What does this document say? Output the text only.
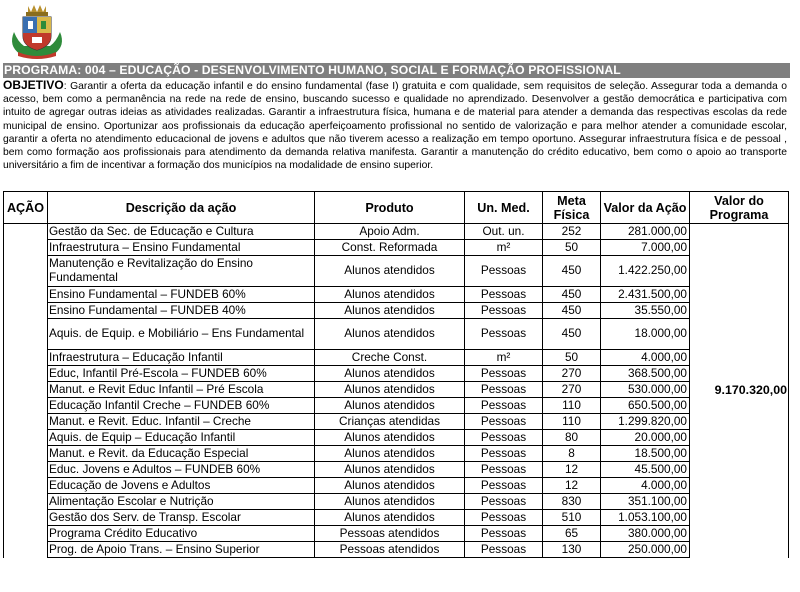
PROGRAMA: 004 – EDUCAÇÃO - DESENVOLVIMENTO HUMANO, SOCIAL E FORMAÇÃO PROFISSIONAL
OBJETIVO: Garantir a oferta da educação infantil e do ensino fundamental (fase I) gratuita e com qualidade, sem requisitos de seleção. Assegurar toda a demanda o acesso, bem como a permanência na rede na rede de ensino, buscando sucesso e qualidade no aprendizado. Desenvolver a gestão democrática e participativa com intuito de agregar outras ideias as atividades realizadas. Garantir a infraestrutura física, humana e de material para atender a demanda das respectivas escolas da rede municipal de ensino. Oportunizar aos profissionais da educação aperfeiçoamento profissional no sentido de valorização e para melhor atender a comunidade escolar, garantir a oferta no atendimento educacional de jovens e adultos que não tiverem acesso a realização em tempo oportuno. Assegurar infraestrutura física e de pessoal , bem como formação aos profissionais para atendimento da demanda relativa manifesta. Garantir a manutenção do crédito educativo, bem como o apoio ao transporte universitário a fim de incentivar a formação dos municípios na modalidade de ensino superior.
AÇÃO	Descrição da ação	Produto	Un. Med.	Meta Física	Valor da Ação	Valor do Programa
	Gestão da Sec. de Educação e Cultura	Apoio Adm.	Out. un.	252	281.000,00	9.170.320,00
	Infraestrutura – Ensino Fundamental	Const. Reformada	m²	50	7.000,00	
	Manutenção e Revitalização do Ensino Fundamental	Alunos atendidos	Pessoas	450	1.422.250,00	
	Ensino Fundamental – FUNDEB 60%	Alunos atendidos	Pessoas	450	2.431.500,00	
	Ensino Fundamental – FUNDEB 40%	Alunos atendidos	Pessoas	450	35.550,00	
	Aquis. de Equip. e Mobiliário – Ens Fundamental	Alunos atendidos	Pessoas	450	18.000,00	
	Infraestrutura – Educação Infantil	Creche Const.	m²	50	4.000,00	
	Educ, Infantil Pré-Escola – FUNDEB 60%	Alunos atendidos	Pessoas	270	368.500,00	
	Manut. e Revit Educ Infantil – Pré Escola	Alunos atendidos	Pessoas	270	530.000,00	
	Educação Infantil Creche – FUNDEB 60%	Alunos atendidos	Pessoas	110	650.500,00	
	Manut. e Revit. Educ. Infantil – Creche	Crianças atendidas	Pessoas	110	1.299.820,00	
	Aquis. de Equip – Educação Infantil	Alunos atendidos	Pessoas	80	20.000,00	
	Manut. e Revit. da Educação Especial	Alunos atendidos	Pessoas	8	18.500,00	
	Educ. Jovens e Adultos – FUNDEB 60%	Alunos atendidos	Pessoas	12	45.500,00	
	Educação de Jovens e Adultos	Alunos atendidos	Pessoas	12	4.000,00	
	Alimentação Escolar e Nutrição	Alunos atendidos	Pessoas	830	351.100,00	
	Gestão dos Serv. de Transp. Escolar	Alunos atendidos	Pessoas	510	1.053.100,00	
	Programa Crédito Educativo	Pessoas atendidos	Pessoas	65	380.000,00	
	Prog. de Apoio Trans. – Ensino Superior	Pessoas atendidos	Pessoas	130	250.000,00	
